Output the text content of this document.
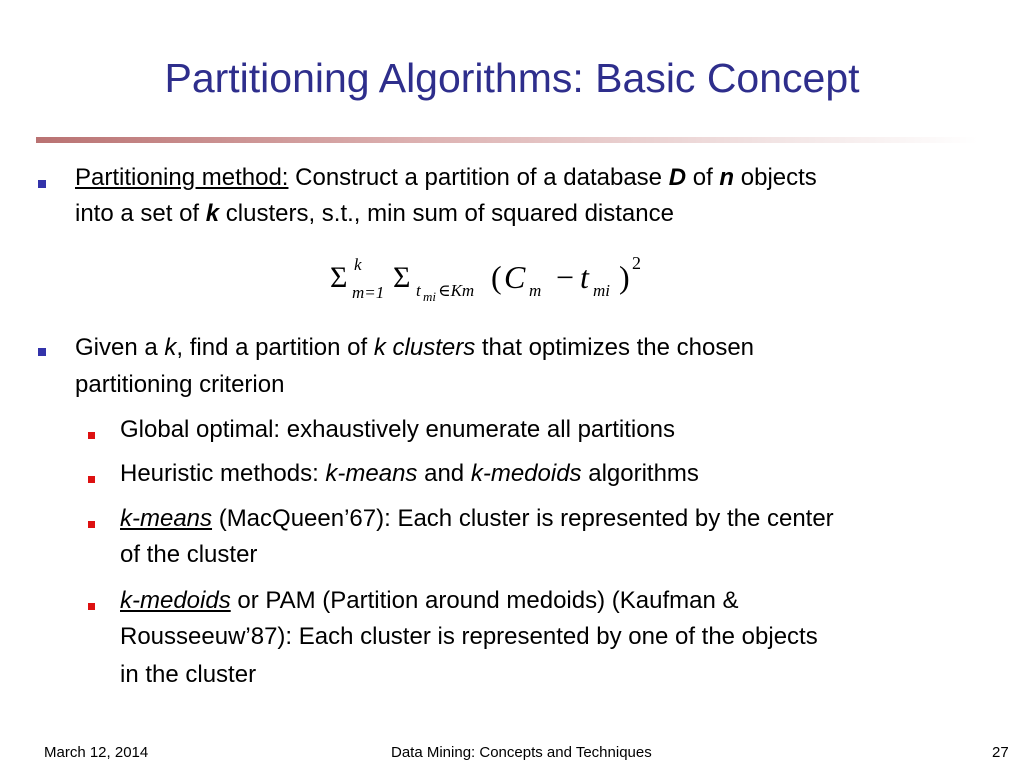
Partitioning Algorithms: Basic Concept
Partitioning method: Construct a partition of a database D of n objects
into a set of k clusters, s.t., min sum of squared distance
Σ k
m=1 Σ t mi ∈Km ( C m − t mi ) 2
Given a k, find a partition of k clusters that optimizes the chosen
partitioning criterion
Global optimal: exhaustively enumerate all partitions
Heuristic methods: k-means and k-medoids algorithms
k-means (MacQueen’67): Each cluster is represented by the center
of the cluster
k-medoids or PAM (Partition around medoids) (Kaufman &
Rousseeuw’87): Each cluster is represented by one of the objects
in the cluster
March 12, 2014	Data Mining: Concepts and Techniques	27
